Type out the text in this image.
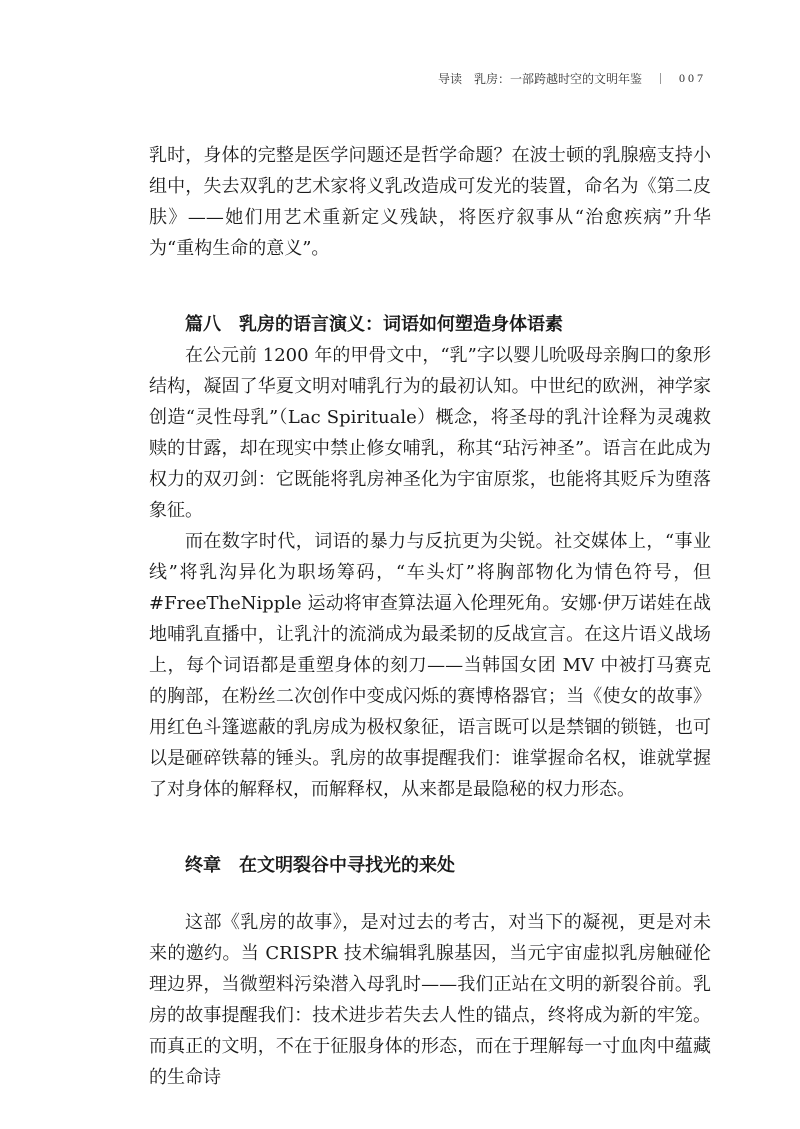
导读　乳房：一部跨越时空的文明年鉴	007

乳时，身体的完整是医学问题还是哲学命题？在波士顿的乳腺癌支持小组中，失去双乳的艺术家将义乳改造成可发光的装置，命名为《第二皮肤》——她们用艺术重新定义残缺，将医疗叙事从“治愈疾病”升华为“重构生命的意义”。

篇八 乳房的语言演义：词语如何塑造身体语素

在公元前 1200 年的甲骨文中，“乳”字以婴儿吮吸母亲胸口的象形结构，凝固了华夏文明对哺乳行为的最初认知。中世纪的欧洲，神学家创造“灵性母乳”（Lac Spirituale）概念，将圣母的乳汁诠释为灵魂救赎的甘露，却在现实中禁止修女哺乳，称其“玷污神圣”。语言在此成为权力的双刃剑：它既能将乳房神圣化为宇宙原浆，也能将其贬斥为堕落象征。

而在数字时代，词语的暴力与反抗更为尖锐。社交媒体上，“事业线”将乳沟异化为职场筹码，“车头灯”将胸部物化为情色符号，但 #FreeTheNipple 运动将审查算法逼入伦理死角。安娜·伊万诺娃在战地哺乳直播中，让乳汁的流淌成为最柔韧的反战宣言。在这片语义战场上，每个词语都是重塑身体的刻刀——当韩国女团 MV 中被打马赛克的胸部，在粉丝二次创作中变成闪烁的赛博格器官；当《使女的故事》用红色斗篷遮蔽的乳房成为极权象征，语言既可以是禁锢的锁链，也可以是砸碎铁幕的锤头。乳房的故事提醒我们：谁掌握命名权，谁就掌握了对身体的解释权，而解释权，从来都是最隐秘的权力形态。

终章 在文明裂谷中寻找光的来处

这部《乳房的故事》，是对过去的考古，对当下的凝视，更是对未来的邀约。当 CRISPR 技术编辑乳腺基因，当元宇宙虚拟乳房触碰伦理边界，当微塑料污染潜入母乳时——我们正站在文明的新裂谷前。乳房的故事提醒我们：技术进步若失去人性的锚点，终将成为新的牢笼。而真正的文明，不在于征服身体的形态，而在于理解每一寸血肉中蕴藏的生命诗
